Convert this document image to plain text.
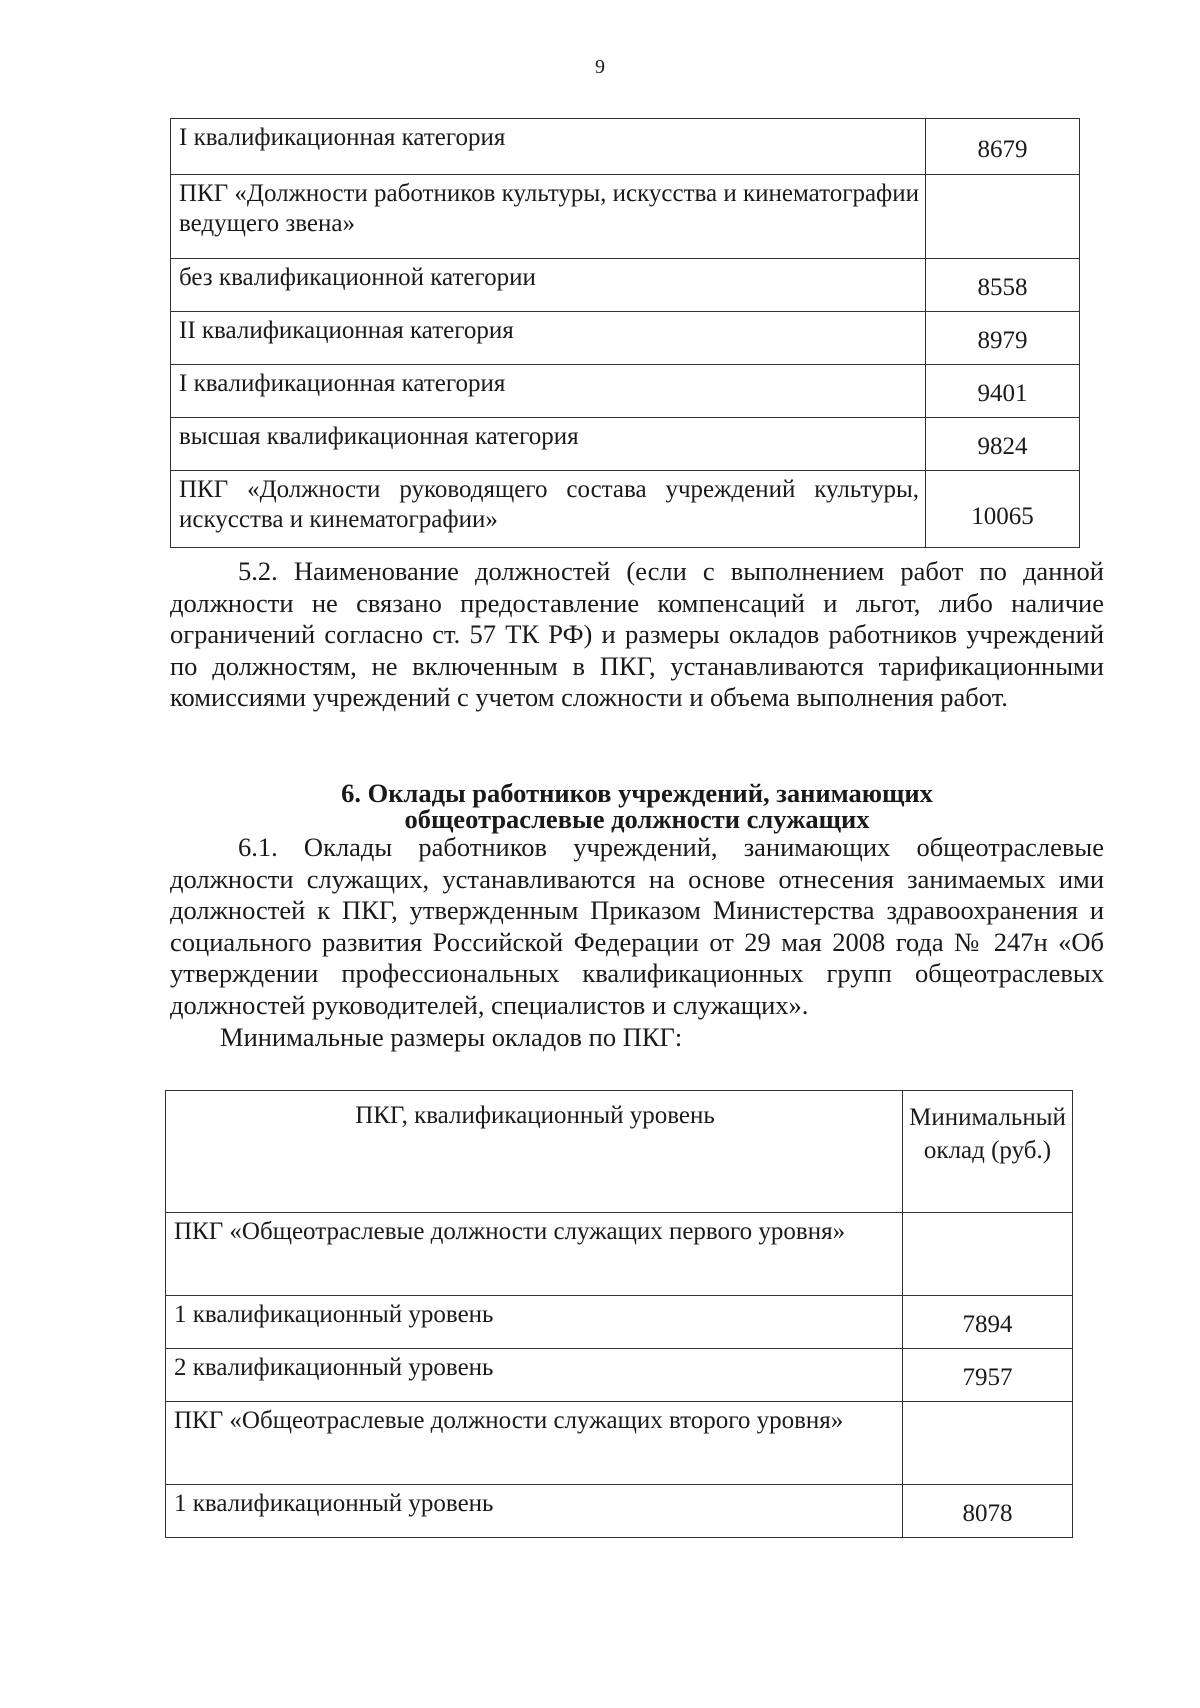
9
I квалификационная категория	8679
ПКГ «Должности работников культуры, искусства и кинематографии ведущего звена»	
без квалификационной категории	8558
II квалификационная категория	8979
I квалификационная категория	9401
высшая квалификационная категория	9824
ПКГ «Должности руководящего состава учреждений культуры, искусства и кинематографии»	10065

5.2. Наименование должностей (если с выполнением работ по данной должности не связано предоставление компенсаций и льгот, либо наличие ограничений согласно ст. 57 ТК РФ) и размеры окладов работников учреждений по должностям, не включенным в ПКГ, устанавливаются тарификационными комиссиями учреждений с учетом сложности и объема выполнения работ.

6. Оклады работников учреждений, занимающих
общеотраслевые должности служащих

6.1. Оклады работников учреждений, занимающих общеотраслевые должности служащих, устанавливаются на основе отнесения занимаемых ими должностей к ПКГ, утвержденным Приказом Министерства здравоохранения и социального развития Российской Федерации от 29 мая 2008 года № 247н «Об утверждении профессиональных квалификационных групп общеотраслевых должностей руководителей, специалистов и служащих».

Минимальные размеры окладов по ПКГ:
ПКГ, квалификационный уровень	Минимальный оклад (руб.)
ПКГ «Общеотраслевые должности служащих первого уровня»	
1 квалификационный уровень	7894
2 квалификационный уровень	7957
ПКГ «Общеотраслевые должности служащих второго уровня»	
1 квалификационный уровень	8078
